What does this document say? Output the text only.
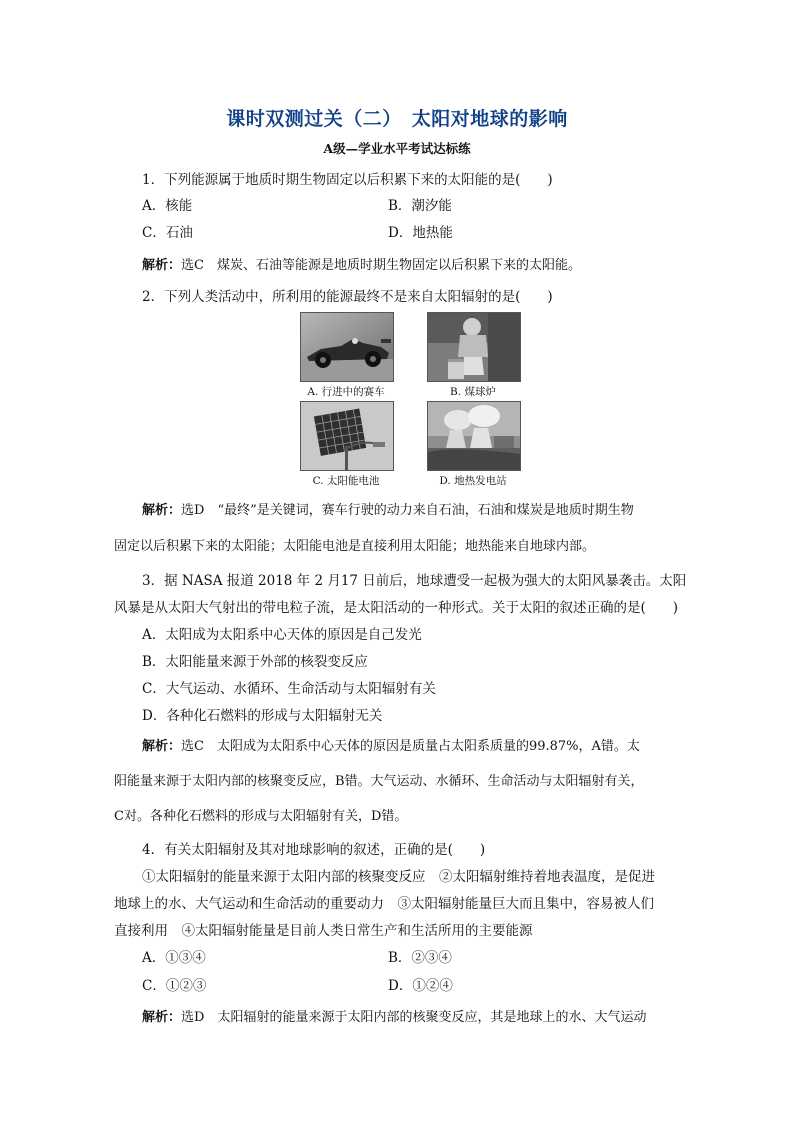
课时双测过关（二）　太阳对地球的影响
A级—学业水平考试达标练
1．下列能源属于地质时期生物固定以后积累下来的太阳能的是(　　)
A．核能	B．潮汐能
C．石油	D．地热能
解析：选C　煤炭、石油等能源是地质时期生物固定以后积累下来的太阳能。
2．下列人类活动中，所利用的能源最终不是来自太阳辐射的是(　　)
A. 行进中的赛车	B. 煤球炉
C. 太阳能电池	D. 地热发电站
解析：选D　“最终”是关键词，赛车行驶的动力来自石油，石油和煤炭是地质时期生物
固定以后积累下来的太阳能；太阳能电池是直接利用太阳能；地热能来自地球内部。
3．据 NASA 报道 2018 年 2 月17 日前后，地球遭受一起极为强大的太阳风暴袭击。太阳
风暴是从太阳大气射出的带电粒子流，是太阳活动的一种形式。关于太阳的叙述正确的是(　　)
A．太阳成为太阳系中心天体的原因是自己发光
B．太阳能量来源于外部的核裂变反应
C．大气运动、水循环、生命活动与太阳辐射有关
D．各种化石燃料的形成与太阳辐射无关
解析：选C　太阳成为太阳系中心天体的原因是质量占太阳系质量的99.87%，A错。太
阳能量来源于太阳内部的核聚变反应，B错。大气运动、水循环、生命活动与太阳辐射有关，
C对。各种化石燃料的形成与太阳辐射有关，D错。
4．有关太阳辐射及其对地球影响的叙述，正确的是(　　)
①太阳辐射的能量来源于太阳内部的核聚变反应　②太阳辐射维持着地表温度，是促进
地球上的水、大气运动和生命活动的重要动力　③太阳辐射能量巨大而且集中，容易被人们
直接利用　④太阳辐射能量是目前人类日常生产和生活所用的主要能源
A．①③④	B．②③④
C．①②③	D．①②④
解析：选D　太阳辐射的能量来源于太阳内部的核聚变反应，其是地球上的水、大气运动
